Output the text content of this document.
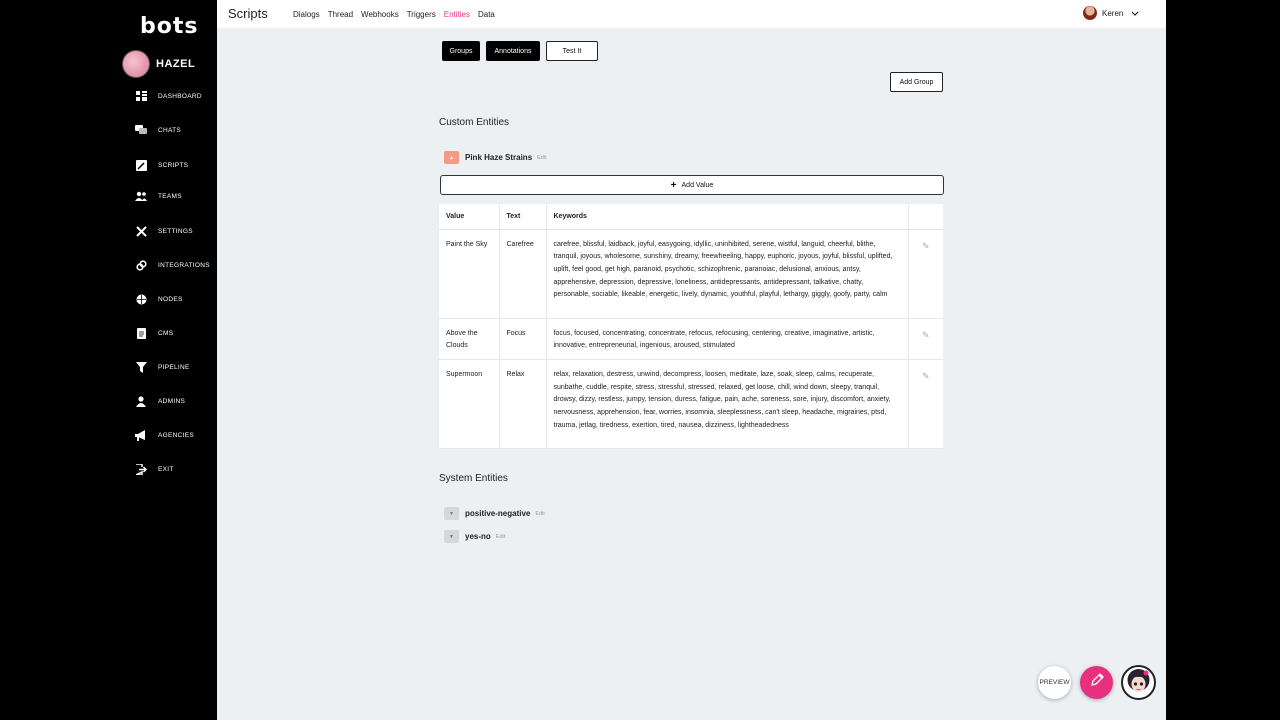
bots
HAZEL
DASHBOARD
CHATS
SCRIPTS
TEAMS
SETTINGS
INTEGRATIONS
NODES
CMS
PIPELINE
ADMINS
AGENCIES
EXIT
Scripts	Dialogs Thread Webhooks Triggers Entities Data	Keren
Groups	Annotations	Test It
Add Group
Custom Entities
▲ Pink Haze Strains Edit
+ Add Value
Value	Text	Keywords	
Paint the Sky	Carefree	carefree, blissful, laidback, joyful, easygoing, idyllic, uninhibited, serene, wistful, languid, cheerful, blithe, tranquil, joyous, wholesome, sunshiny, dreamy, freewheeling, happy, euphoric, joyous, joyful, blissful, uplifted, uplift, feel good, get high, paranoid, psychotic, schizophrenic, paranoiac, delusional, anxious, antsy, apprehensive, depression, depressive, loneliness, antidepressants, antidepressant, talkative, chatty, personable, sociable, likeable, energetic, lively, dynamic, youthful, playful, lethargy, giggly, goofy, party, calm	✎
Above the Clouds	Focus	focus, focused, concentrating, concentrate, refocus, refocusing, centering, creative, imaginative, artistic, innovative, entrepreneurial, ingenious, aroused, stimulated	✎
Supermoon	Relax	relax, relaxation, destress, unwind, decompress, loosen, meditate, laze, soak, sleep, calms, recuperate, sunbathe, cuddle, respite, stress, stressful, stressed, relaxed, get loose, chill, wind down, sleepy, tranquil, drowsy, dizzy, restless, jumpy, tension, duress, fatigue, pain, ache, soreness, sore, injury, discomfort, anxiety, nervousness, apprehension, fear, worries, insomnia, sleeplessness, can't sleep, headache, migraines, ptsd, trauma, jetlag, tiredness, exertion, tired, nausea, dizziness, lightheadedness	✎
System Entities
▼ positive-negative Edit
▼ yes-no Edit
PREVIEW
